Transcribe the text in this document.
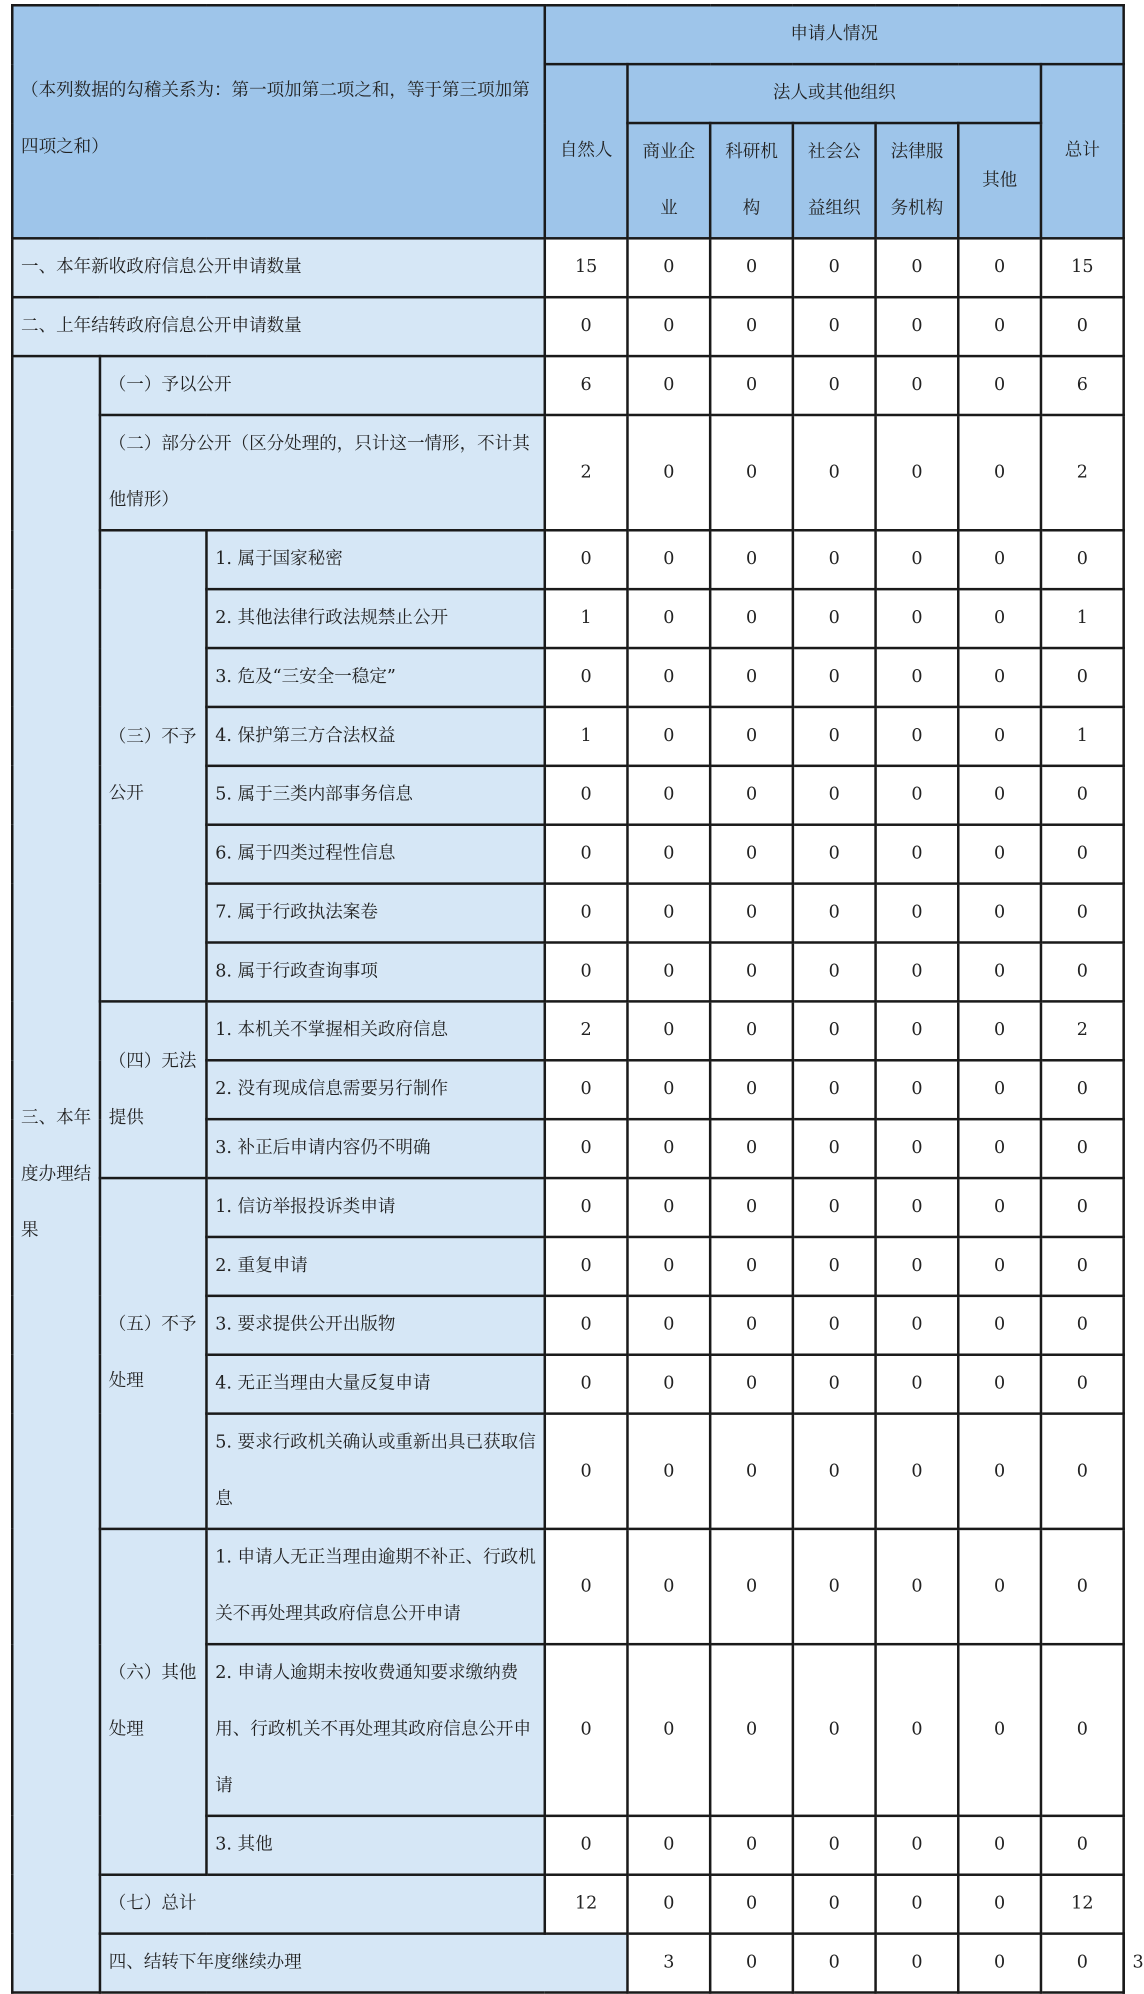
（本列数据的勾稽关系为：第一项加第二项之和，等于第三项加第四项之和）			申请人情况							
			自然人	法人或其他组织					总计	
				商业企业	科研机构	社会公益组织	法律服务机构	其他		
一、本年新收政府信息公开申请数量			15	0	0	0	0	0	15	
二、上年结转政府信息公开申请数量			0	0	0	0	0	0	0	
三、本年度办理结果	（一）予以公开		6	0	0	0	0	0	6	
	（二）部分公开（区分处理的，只计这一情形，不计其他情形）		2	0	0	0	0	0	2	
	（三）不予公开	1. 属于国家秘密	0	0	0	0	0	0	0	
		2. 其他法律行政法规禁止公开	1	0	0	0	0	0	1	
		3. 危及“三安全一稳定”	0	0	0	0	0	0	0	
		4. 保护第三方合法权益	1	0	0	0	0	0	1	
		5. 属于三类内部事务信息	0	0	0	0	0	0	0	
		6. 属于四类过程性信息	0	0	0	0	0	0	0	
		7. 属于行政执法案卷	0	0	0	0	0	0	0	
		8. 属于行政查询事项	0	0	0	0	0	0	0	
	（四）无法提供	1. 本机关不掌握相关政府信息	2	0	0	0	0	0	2	
		2. 没有现成信息需要另行制作	0	0	0	0	0	0	0	
		3. 补正后申请内容仍不明确	0	0	0	0	0	0	0	
	（五）不予处理	1. 信访举报投诉类申请	0	0	0	0	0	0	0	
		2. 重复申请	0	0	0	0	0	0	0	
		3. 要求提供公开出版物	0	0	0	0	0	0	0	
		4. 无正当理由大量反复申请	0	0	0	0	0	0	0	
		5. 要求行政机关确认或重新出具已获取信息	0	0	0	0	0	0	0	
	（六）其他处理	1. 申请人无正当理由逾期不补正、行政机关不再处理其政府信息公开申请	0	0	0	0	0	0	0	
		2. 申请人逾期未按收费通知要求缴纳费用、行政机关不再处理其政府信息公开申请	0	0	0	0	0	0	0	
		3. 其他	0	0	0	0	0	0	0	
	（七）总计		12	0	0	0	0	0	12	
	四、结转下年度继续办理			3	0	0	0	0	0	3
